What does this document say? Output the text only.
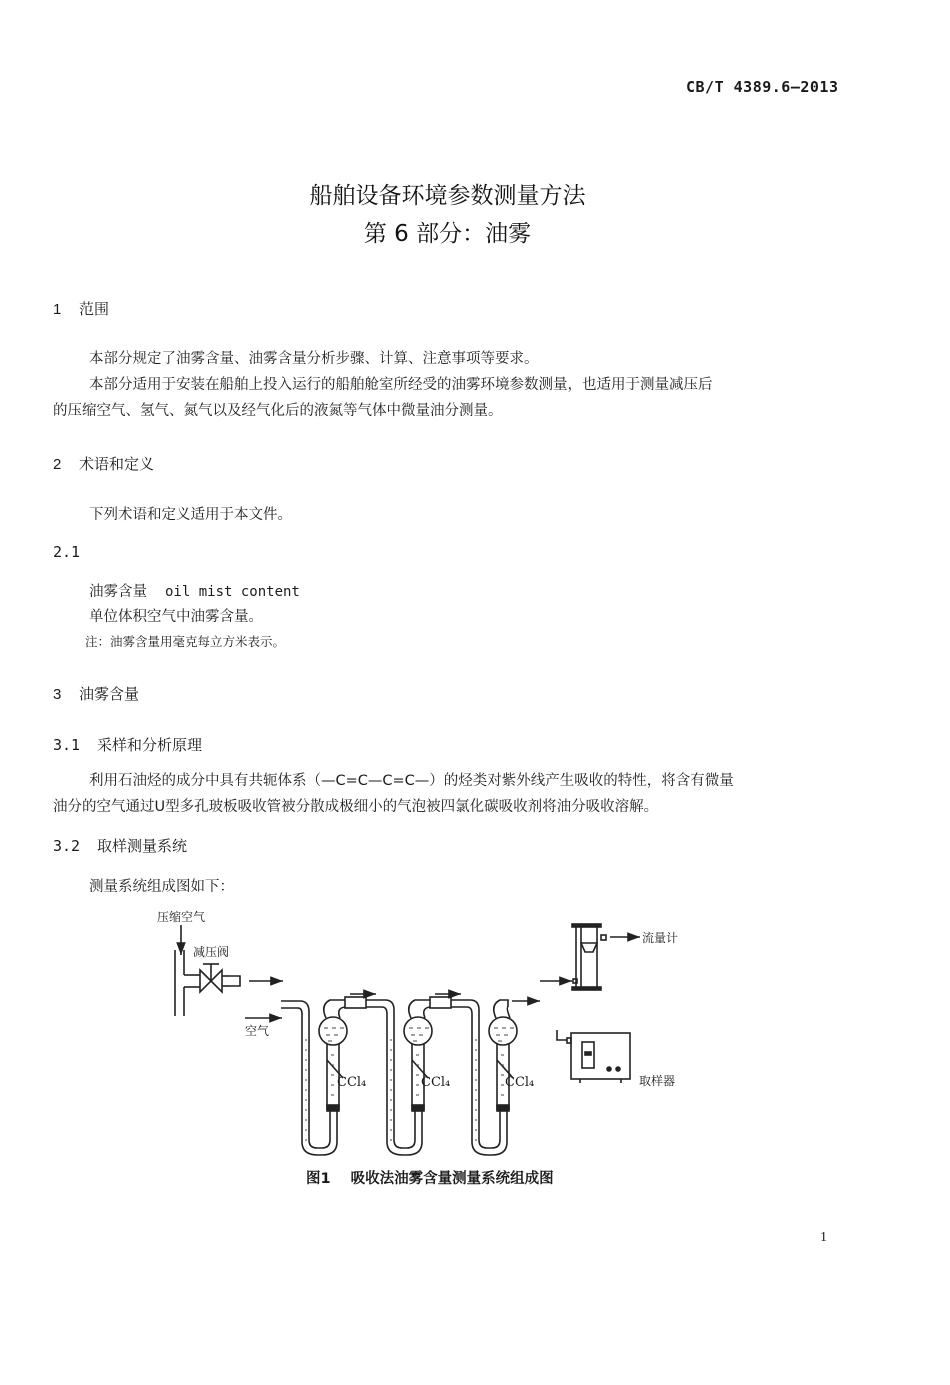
CB/T 4389.6—2013
船舶设备环境参数测量方法
第 6 部分：油雾
1 范围
本部分规定了油雾含量、油雾含量分析步骤、计算、注意事项等要求。
本部分适用于安装在船舶上投入运行的船舶舱室所经受的油雾环境参数测量，也适用于测量减压后
的压缩空气、氢气、氮气以及经气化后的液氮等气体中微量油分测量。
2 术语和定义
下列术语和定义适用于本文件。
2.1
油雾含量 oil mist content
单位体积空气中油雾含量。
注：油雾含量用毫克每立方米表示。
3 油雾含量
3.1 采样和分析原理
利用石油烃的成分中具有共轭体系（—C=C—C=C—）的烃类对紫外线产生吸收的特性，将含有微量
油分的空气通过U型多孔玻板吸收管被分散成极细小的气泡被四氯化碳吸收剂将油分吸收溶解。
3.2 取样测量系统
测量系统组成图如下：
压缩空气
减压阀
空气
CCl₄	CCl₄	CCl₄
流量计
取样器
图1 吸收法油雾含量测量系统组成图
1
